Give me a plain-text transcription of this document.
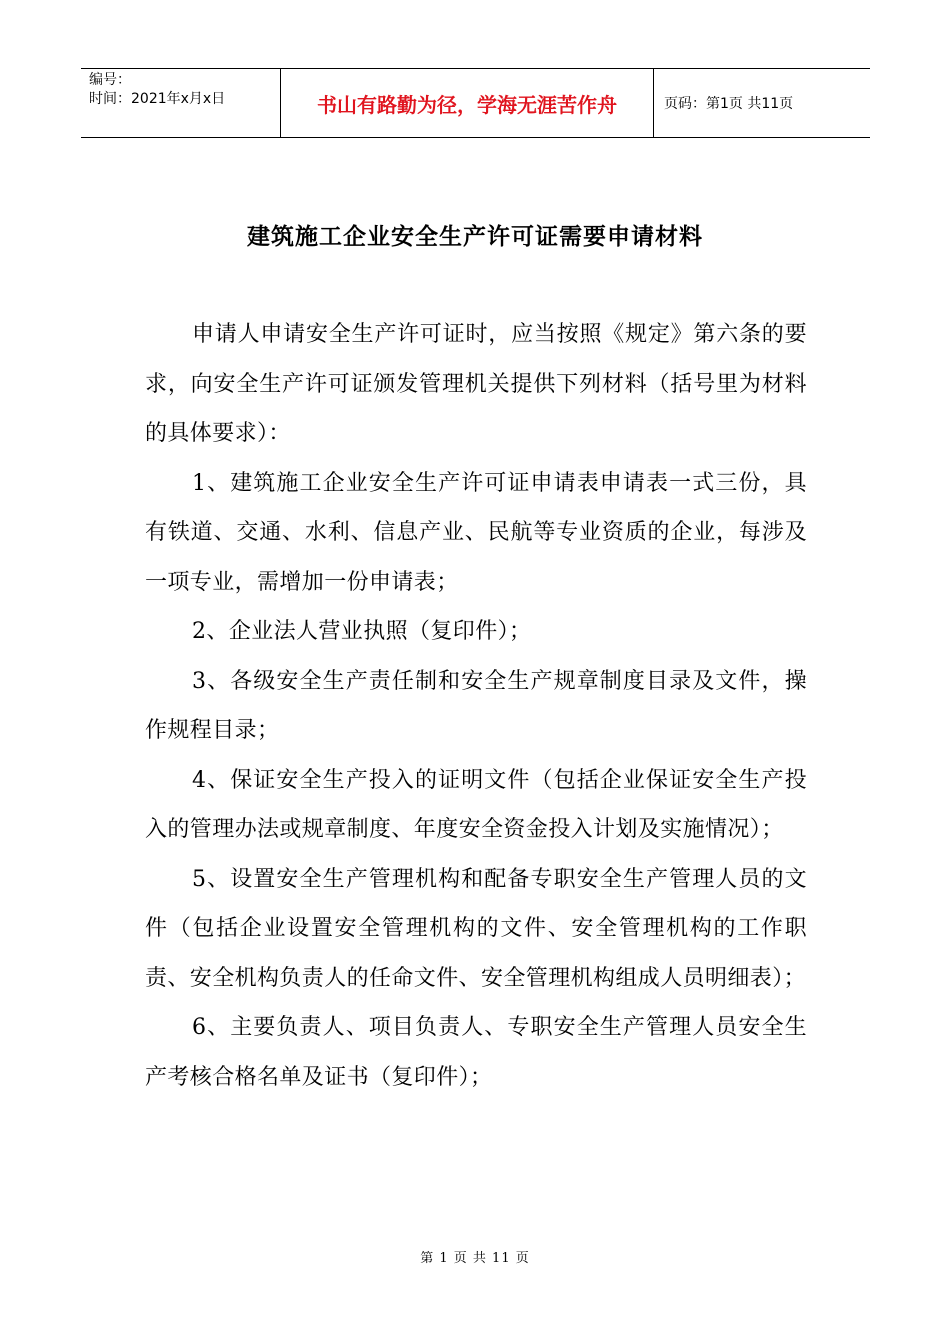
编号：
时间：2021年x月x日	书山有路勤为径，学海无涯苦作舟	页码：第1页 共11页
建筑施工企业安全生产许可证需要申请材料

申请人申请安全生产许可证时，应当按照《规定》第六条的要求，向安全生产许可证颁发管理机关提供下列材料（括号里为材料的具体要求）：

1、建筑施工企业安全生产许可证申请表申请表一式三份，具有铁道、交通、水利、信息产业、民航等专业资质的企业，每涉及一项专业，需增加一份申请表；

2、企业法人营业执照（复印件）；

3、各级安全生产责任制和安全生产规章制度目录及文件，操作规程目录；

4、保证安全生产投入的证明文件（包括企业保证安全生产投入的管理办法或规章制度、年度安全资金投入计划及实施情况）；

5、设置安全生产管理机构和配备专职安全生产管理人员的文件（包括企业设置安全管理机构的文件、安全管理机构的工作职责、安全机构负责人的任命文件、安全管理机构组成人员明细表）；

6、主要负责人、项目负责人、专职安全生产管理人员安全生产考核合格名单及证书（复印件）；

第 1 页 共 11 页
